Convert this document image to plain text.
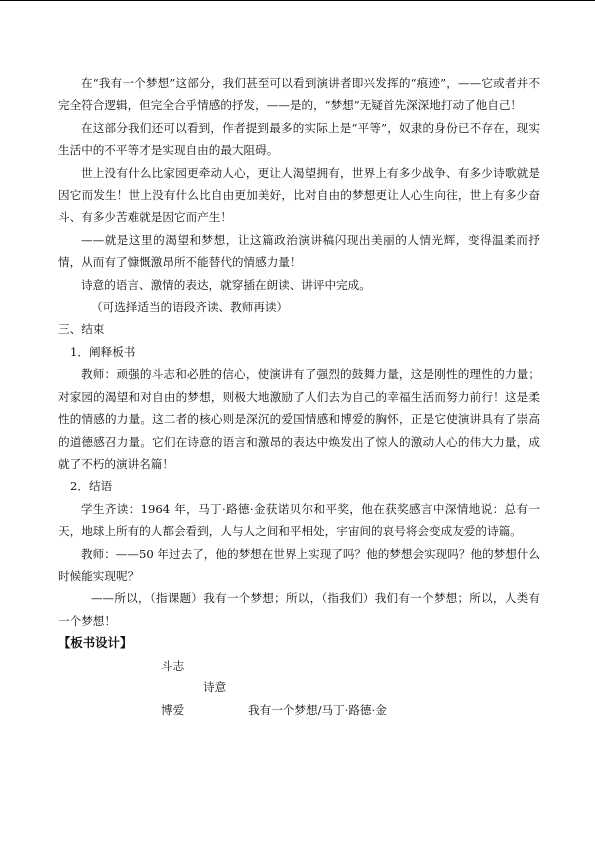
在“我有一个梦想”这部分，我们甚至可以看到演讲者即兴发挥的“痕迹”，——它或者并不完全符合逻辑，但完全合乎情感的抒发，——是的，“梦想”无疑首先深深地打动了他自己！

在这部分我们还可以看到，作者提到最多的实际上是“平等”，奴隶的身份已不存在，现实生活中的不平等才是实现自由的最大阻碍。

世上没有什么比家园更牵动人心，更让人渴望拥有，世界上有多少战争、有多少诗歌就是因它而发生！世上没有什么比自由更加美好，比对自由的梦想更让人心生向往，世上有多少奋斗、有多少苦难就是因它而产生！

——就是这里的渴望和梦想，让这篇政治演讲稿闪现出美丽的人情光辉，变得温柔而抒情，从而有了慷慨激昂所不能替代的情感力量！

诗意的语言、激情的表达，就穿插在朗读、讲评中完成。

（可选择适当的语段齐读、教师再读）

三、结束

1．阐释板书

教师：顽强的斗志和必胜的信心，使演讲有了强烈的鼓舞力量，这是刚性的理性的力量；对家园的渴望和对自由的梦想，则极大地激励了人们去为自己的幸福生活而努力前行！这是柔性的情感的力量。这二者的核心则是深沉的爱国情感和博爱的胸怀，正是它使演讲具有了崇高的道德感召力量。它们在诗意的语言和激昂的表达中焕发出了惊人的激动人心的伟大力量，成就了不朽的演讲名篇！

2．结语

学生齐读：1964 年，马丁·路德·金获诺贝尔和平奖，他在获奖感言中深情地说：总有一天，地球上所有的人都会看到，人与人之间和平相处，宇宙间的哀号将会变成友爱的诗篇。

教师：——50 年过去了，他的梦想在世界上实现了吗？他的梦想会实现吗？他的梦想什么时候能实现呢？

——所以，（指课题）我有一个梦想；所以，（指我们）我们有一个梦想；所以，人类有一个梦想！

【板书设计】

斗志
诗意
博爱	我有一个梦想/马丁·路德·金
